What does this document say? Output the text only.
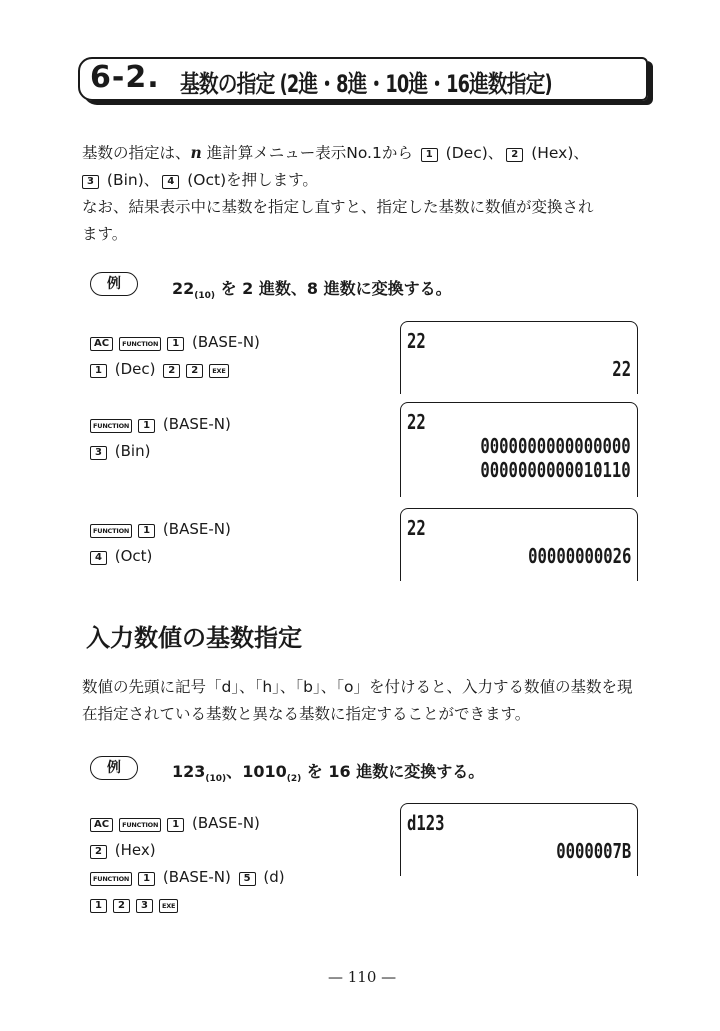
6-2. 基数の指定 (2進・8進・10進・16進数指定)
基数の指定は、n 進計算メニュー表示No.1から 1 (Dec)、 2 (Hex)、
3 (Bin)、 4 (Oct)を押します。
なお、結果表示中に基数を指定し直すと、指定した基数に数値が変換され
ます。
例	$22_{(10)}$ を 2 進数、8 進数に変換する。
AC FUNCTION 1 (BASE-N)
1 (Dec) 2 2 EXE
FUNCTION 1 (BASE-N)
3 (Bin)
FUNCTION 1 (BASE-N)
4 (Oct)
22
22
22
0000000000000000
0000000000010110
22
00000000026
入力数値の基数指定
数値の先頭に記号「d」、「h」、「b」、「o」を付けると、入力する数値の基数を現
在指定されている基数と異なる基数に指定することができます。
例	$123_{(10)}$、$1010_{(2)}$ を 16 進数に変換する。
AC FUNCTION 1 (BASE-N)
2 (Hex)
FUNCTION 1 (BASE-N) 5 (d)
1 2 3 EXE
d123
0000007B
— 110 —
